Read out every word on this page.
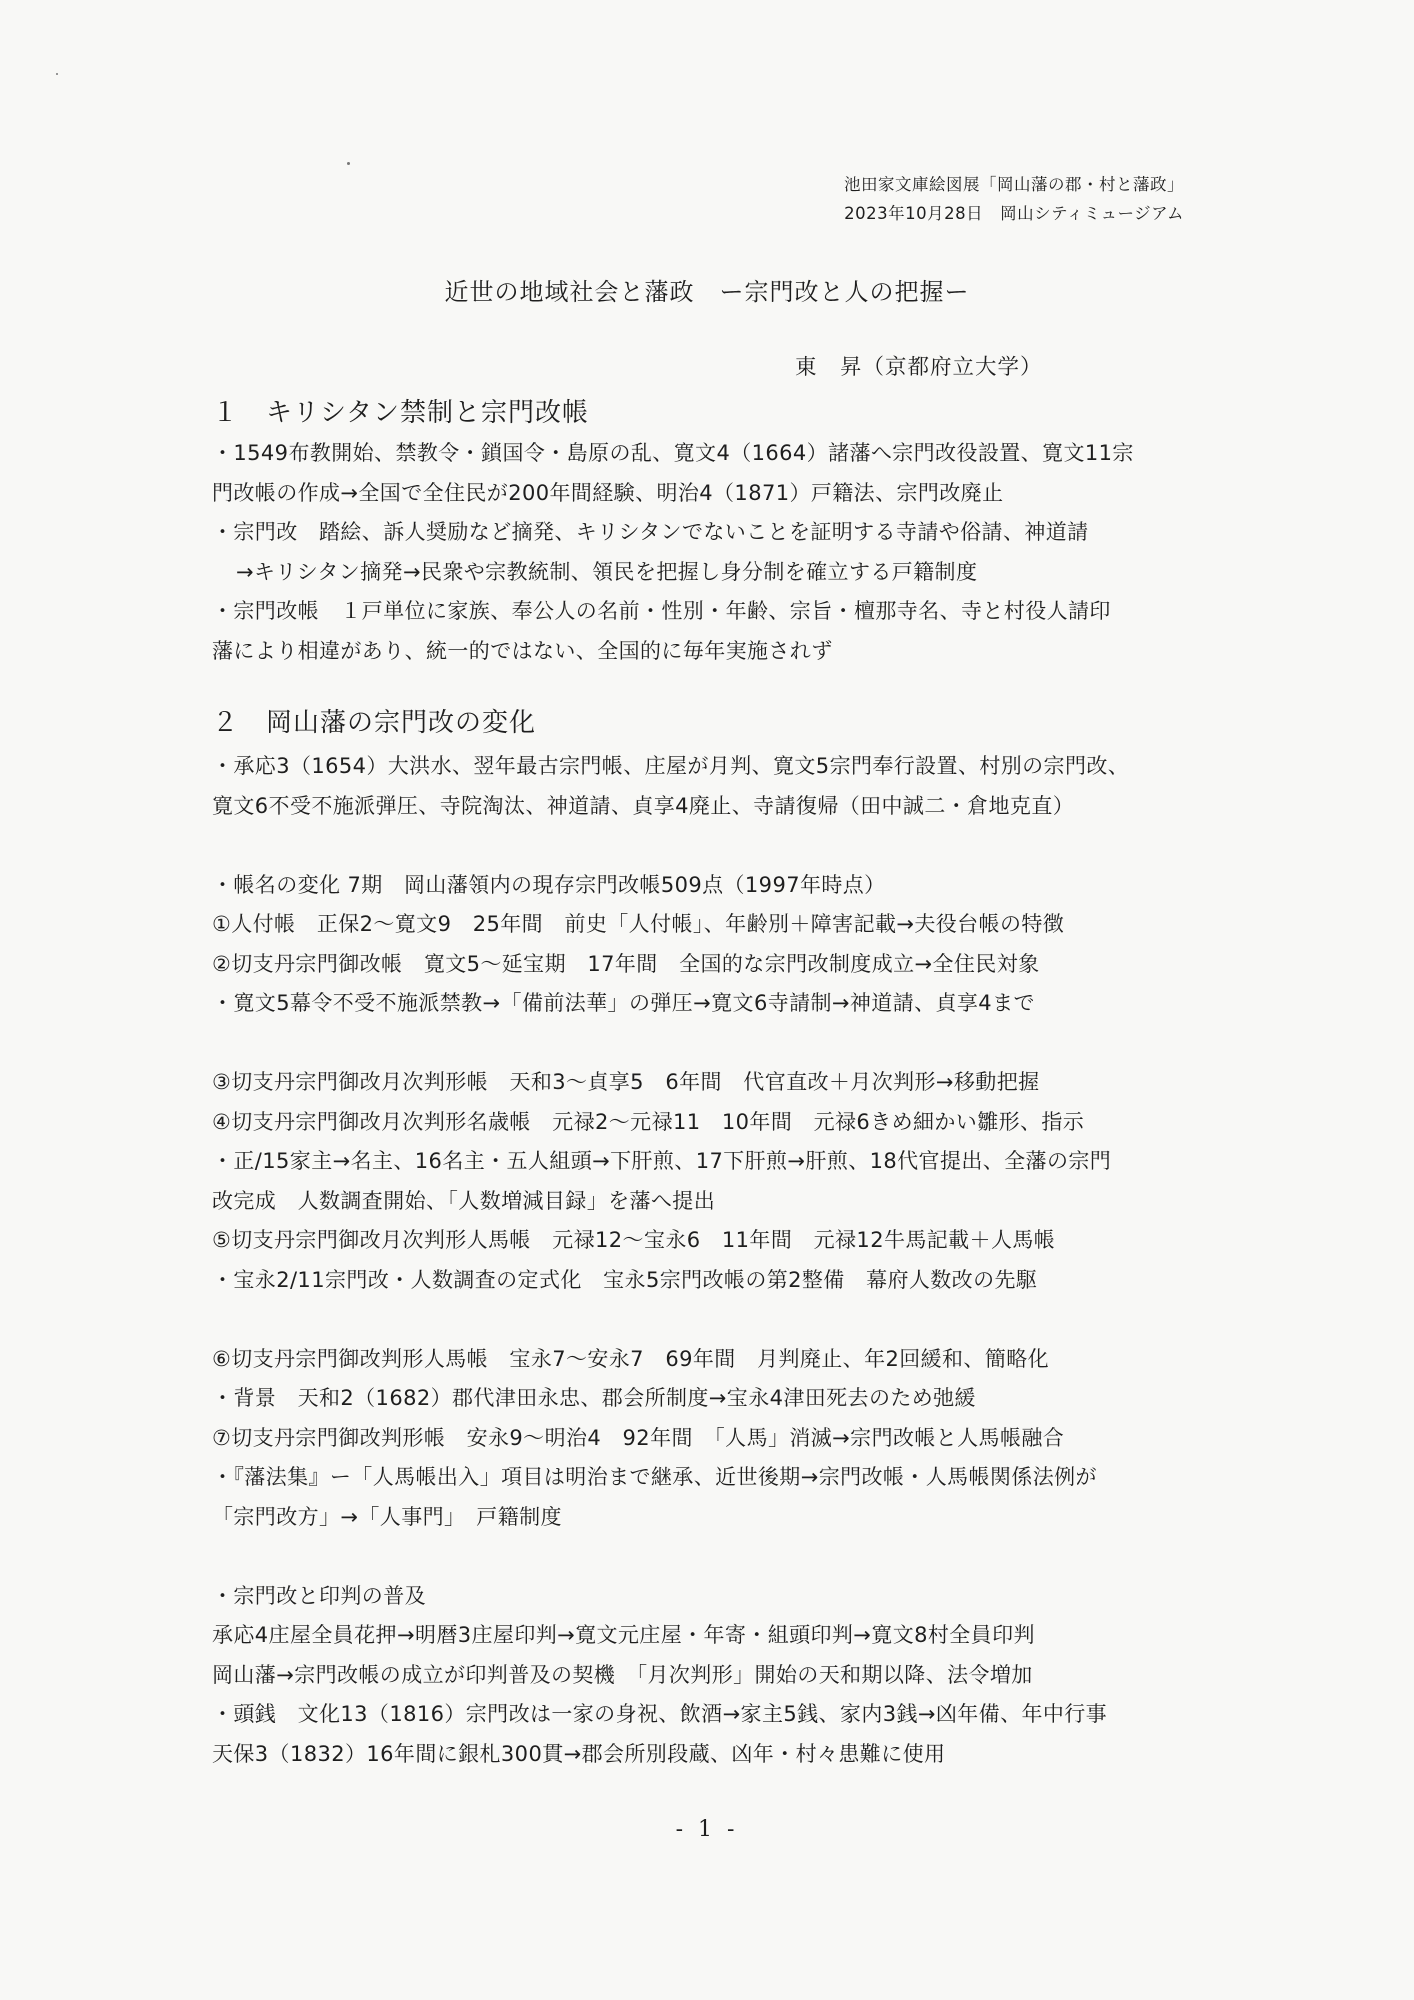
池田家文庫絵図展「岡山藩の郡・村と藩政」
2023年10月28日　岡山シティミュージアム
近世の地域社会と藩政　ー宗門改と人の把握ー
東　昇（京都府立大学）
１　キリシタン禁制と宗門改帳
・1549布教開始、禁教令・鎖国令・島原の乱、寛文4（1664）諸藩へ宗門改役設置、寛文11宗
門改帳の作成→全国で全住民が200年間経験、明治4（1871）戸籍法、宗門改廃止
・宗門改　踏絵、訴人奨励など摘発、キリシタンでないことを証明する寺請や俗請、神道請
→キリシタン摘発→民衆や宗教統制、領民を把握し身分制を確立する戸籍制度
・宗門改帳　１戸単位に家族、奉公人の名前・性別・年齢、宗旨・檀那寺名、寺と村役人請印
藩により相違があり、統一的ではない、全国的に毎年実施されず
２　岡山藩の宗門改の変化
・承応3（1654）大洪水、翌年最古宗門帳、庄屋が月判、寛文5宗門奉行設置、村別の宗門改、
寛文6不受不施派弾圧、寺院淘汰、神道請、貞享4廃止、寺請復帰（田中誠二・倉地克直）
・帳名の変化 7期　岡山藩領内の現存宗門改帳509点（1997年時点）
①人付帳　正保2～寛文9　25年間　前史「人付帳」、年齢別＋障害記載→夫役台帳の特徴
②切支丹宗門御改帳　寛文5～延宝期　17年間　全国的な宗門改制度成立→全住民対象
・寛文5幕令不受不施派禁教→「備前法華」の弾圧→寛文6寺請制→神道請、貞享4まで
③切支丹宗門御改月次判形帳　天和3～貞享5　6年間　代官直改＋月次判形→移動把握
④切支丹宗門御改月次判形名歳帳　元禄2～元禄11　10年間　元禄6きめ細かい雛形、指示
・正/15家主→名主、16名主・五人組頭→下肝煎、17下肝煎→肝煎、18代官提出、全藩の宗門
改完成　人数調査開始、「人数増減目録」を藩へ提出
⑤切支丹宗門御改月次判形人馬帳　元禄12～宝永6　11年間　元禄12牛馬記載＋人馬帳
・宝永2/11宗門改・人数調査の定式化　宝永5宗門改帳の第2整備　幕府人数改の先駆
⑥切支丹宗門御改判形人馬帳　宝永7～安永7　69年間　月判廃止、年2回緩和、簡略化
・背景　天和2（1682）郡代津田永忠、郡会所制度→宝永4津田死去のため弛緩
⑦切支丹宗門御改判形帳　安永9～明治4　92年間　「人馬」消滅→宗門改帳と人馬帳融合
・『藩法集』ー「人馬帳出入」項目は明治まで継承、近世後期→宗門改帳・人馬帳関係法例が
「宗門改方」→「人事門」　戸籍制度
・宗門改と印判の普及
承応4庄屋全員花押→明暦3庄屋印判→寛文元庄屋・年寄・組頭印判→寛文8村全員印判
岡山藩→宗門改帳の成立が印判普及の契機　「月次判形」開始の天和期以降、法令増加
・頭銭　文化13（1816）宗門改は一家の身祝、飲酒→家主5銭、家内3銭→凶年備、年中行事
天保3（1832）16年間に銀札300貫→郡会所別段蔵、凶年・村々患難に使用
- 1 -
